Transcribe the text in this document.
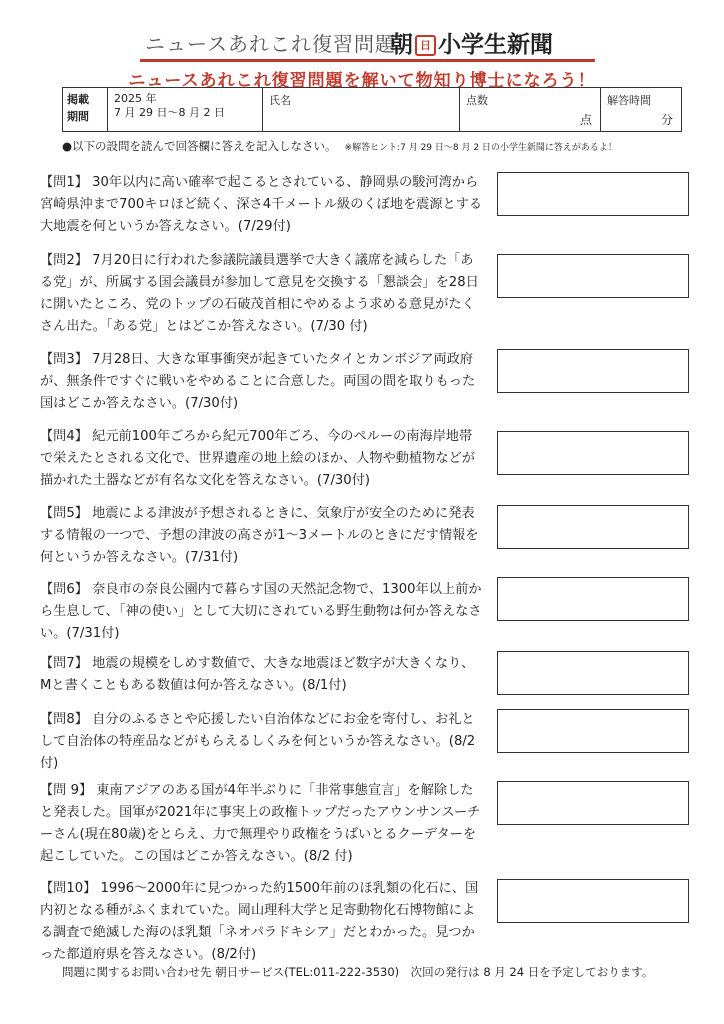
ニュースあれこれ復習問題
朝 日 小学生新聞
ニュースあれこれ復習問題を解いて物知り博士になろう！
掲載
期間
2025 年
7 月 29 日～8 月 2 日
氏名	点数
点
解答時間
分
●以下の設問を読んで回答欄に答えを記入しなさい。 ※解答ヒント:7 月 29 日～8 月 2 日の小学生新聞に答えがあるよ！
【問1】 30年以内に高い確率で起こるとされている、静岡県の駿河湾から宮崎県沖まで700キロほど続く、深さ4千メートル級のくぼ地を震源とする大地震を何というか答えなさい。(7/29付)
【問2】 7月20日に行われた参議院議員選挙で大きく議席を減らした「ある党」が、所属する国会議員が参加して意見を交換する「懇談会」を28日に開いたところ、党のトップの石破茂首相にやめるよう求める意見がたくさん出た。「ある党」とはどこか答えなさい。(7/30 付)
【問3】 7月28日、大きな軍事衝突が起きていたタイとカンボジア両政府が、無条件ですぐに戦いをやめることに合意した。両国の間を取りもった国はどこか答えなさい。(7/30付)
【問4】 紀元前100年ごろから紀元700年ごろ、今のペルーの南海岸地帯で栄えたとされる文化で、世界遺産の地上絵のほか、人物や動植物などが描かれた土器などが有名な文化を答えなさい。(7/30付)
【問5】 地震による津波が予想されるときに、気象庁が安全のために発表する情報の一つで、予想の津波の高さが1～3メートルのときにだす情報を何というか答えなさい。(7/31付)
【問6】 奈良市の奈良公園内で暮らす国の天然記念物で、1300年以上前から生息して、「神の使い」として大切にされている野生動物は何か答えなさい。(7/31付)
【問7】 地震の規模をしめす数値で、大きな地震ほど数字が大きくなり、Mと書くこともある数値は何か答えなさい。(8/1付)
【問8】 自分のふるさとや応援したい自治体などにお金を寄付し、お礼として自治体の特産品などがもらえるしくみを何というか答えなさい。(8/2付)
【問 9】 東南アジアのある国が4年半ぶりに「非常事態宣言」を解除したと発表した。国軍が2021年に事実上の政権トップだったアウンサンスーチーさん(現在80歳)をとらえ、力で無理やり政権をうばいとるクーデターを起こしていた。この国はどこか答えなさい。(8/2 付)
【問10】 1996～2000年に見つかった約1500年前のほ乳類の化石に、国内初となる種がふくまれていた。岡山理科大学と足寄動物化石博物館による調査で絶滅した海のほ乳類「ネオパラドキシア」だとわかった。見つかった都道府県を答えなさい。(8/2付)
問題に関するお問い合わせ先 朝日サービス(TEL:011-222-3530)　次回の発行は 8 月 24 日を予定しております。
